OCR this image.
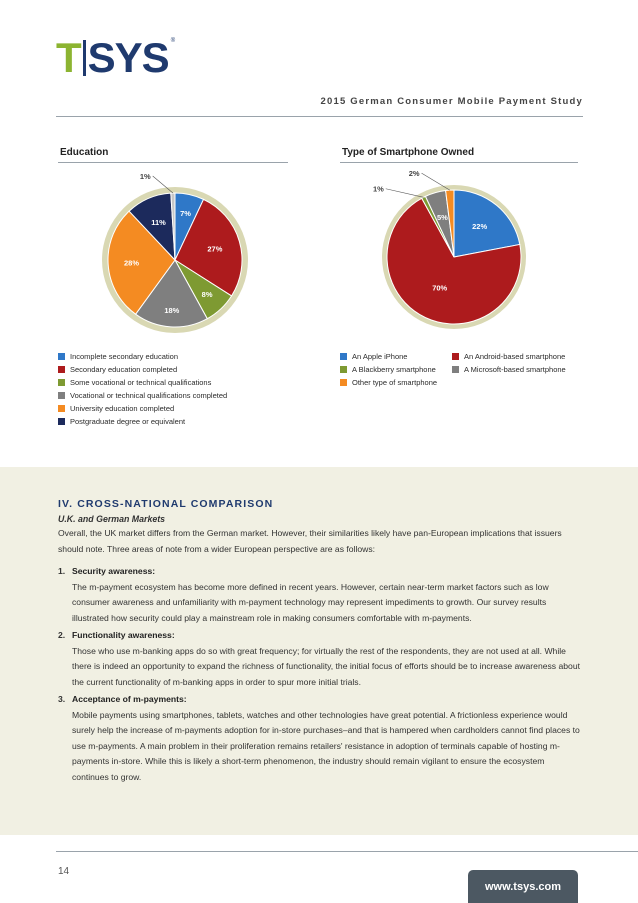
T SYS ®
2015 German Consumer Mobile Payment Study
Education
7%
27%
8%
18%
28%
11%
1%
Incomplete secondary education
Secondary education completed
Some vocational or technical qualifications
Vocational or technical qualifications completed
University education completed
Postgraduate degree or equivalent
Type of Smartphone Owned
22%
70%
1%
5%
2%
An Apple iPhone	An Android-based smartphone
A Blackberry smartphone	A Microsoft-based smartphone
Other type of smartphone
IV. CROSS-NATIONAL COMPARISON
U.K. and German Markets
Overall, the UK market differs from the German market. However, their similarities likely have pan-European implications that issuers should note. Three areas of note from a wider European perspective are as follows:
1. Security awareness:
The m-payment ecosystem has become more defined in recent years. However, certain near-term market factors such as low consumer awareness and unfamiliarity with m-payment technology may represent impediments to growth. Our survey results illustrated how security could play a mainstream role in making consumers comfortable with m-payments.
2. Functionality awareness:
Those who use m-banking apps do so with great frequency; for virtually the rest of the respondents, they are not used at all. While there is indeed an opportunity to expand the richness of functionality, the initial focus of efforts should be to increase awareness about the current functionality of m-banking apps in order to spur more initial trials.
3. Acceptance of m-payments:
Mobile payments using smartphones, tablets, watches and other technologies have great potential. A frictionless experience would surely help the increase of m-payments adoption for in-store purchases–and that is hampered when cardholders cannot find places to use m-payments. A main problem in their proliferation remains retailers' resistance in adoption of terminals capable of hosting m-payments in-store. While this is likely a short-term phenomenon, the industry should remain vigilant to ensure the ecosystem continues to grow.
14
www.tsys.com
